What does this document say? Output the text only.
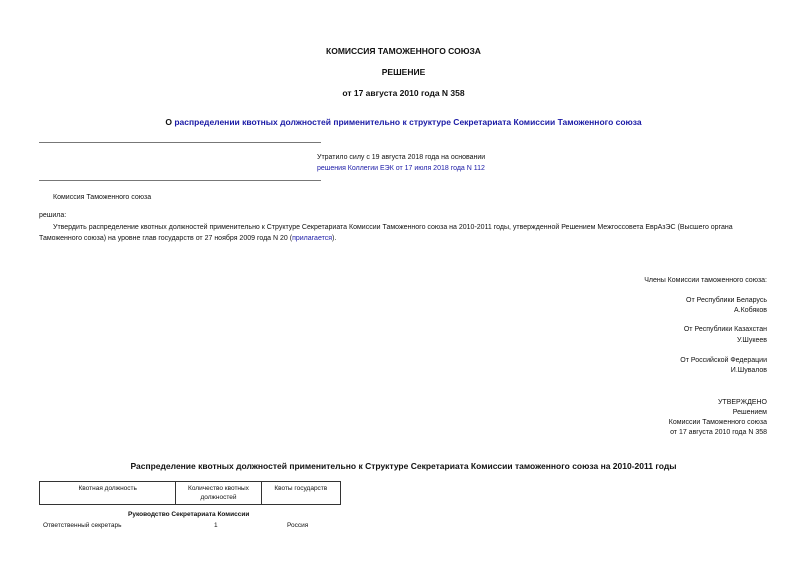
КОМИССИЯ ТАМОЖЕННОГО СОЮЗА
РЕШЕНИЕ
от 17 августа 2010 года N 358
О распределении квотных должностей применительно к структуре Секретариата Комиссии Таможенного союза
Утратило силу с 19 августа 2018 года на основании
решения Коллегии ЕЭК от 17 июля 2018 года N 112
Комиссия Таможенного союза
решила:
Утвердить распределение квотных должностей применительно к Структуре Секретариата Комиссии Таможенного союза на 2010-2011 годы, утвержденной Решением Межгоссовета ЕврАзЭС (Высшего органа
Таможенного союза) на уровне глав государств от 27 ноября 2009 года N 20 (прилагается).
Члены Комиссии таможенного союза:
От Республики Беларусь
А.Кобяков
От Республики Казахстан
У.Шукеев
От Российской Федерации
И.Шувалов
УТВЕРЖДЕНО
Решением
Комиссии Таможенного союза
от 17 августа 2010 года N 358
Распределение квотных должностей применительно к Структуре Секретариата Комиссии таможенного союза на 2010-2011 годы
Квотная должность	Количество квотных должностей	Квоты государств
Руководство Секретариата Комиссии
Ответственный секретарь	1	Россия
